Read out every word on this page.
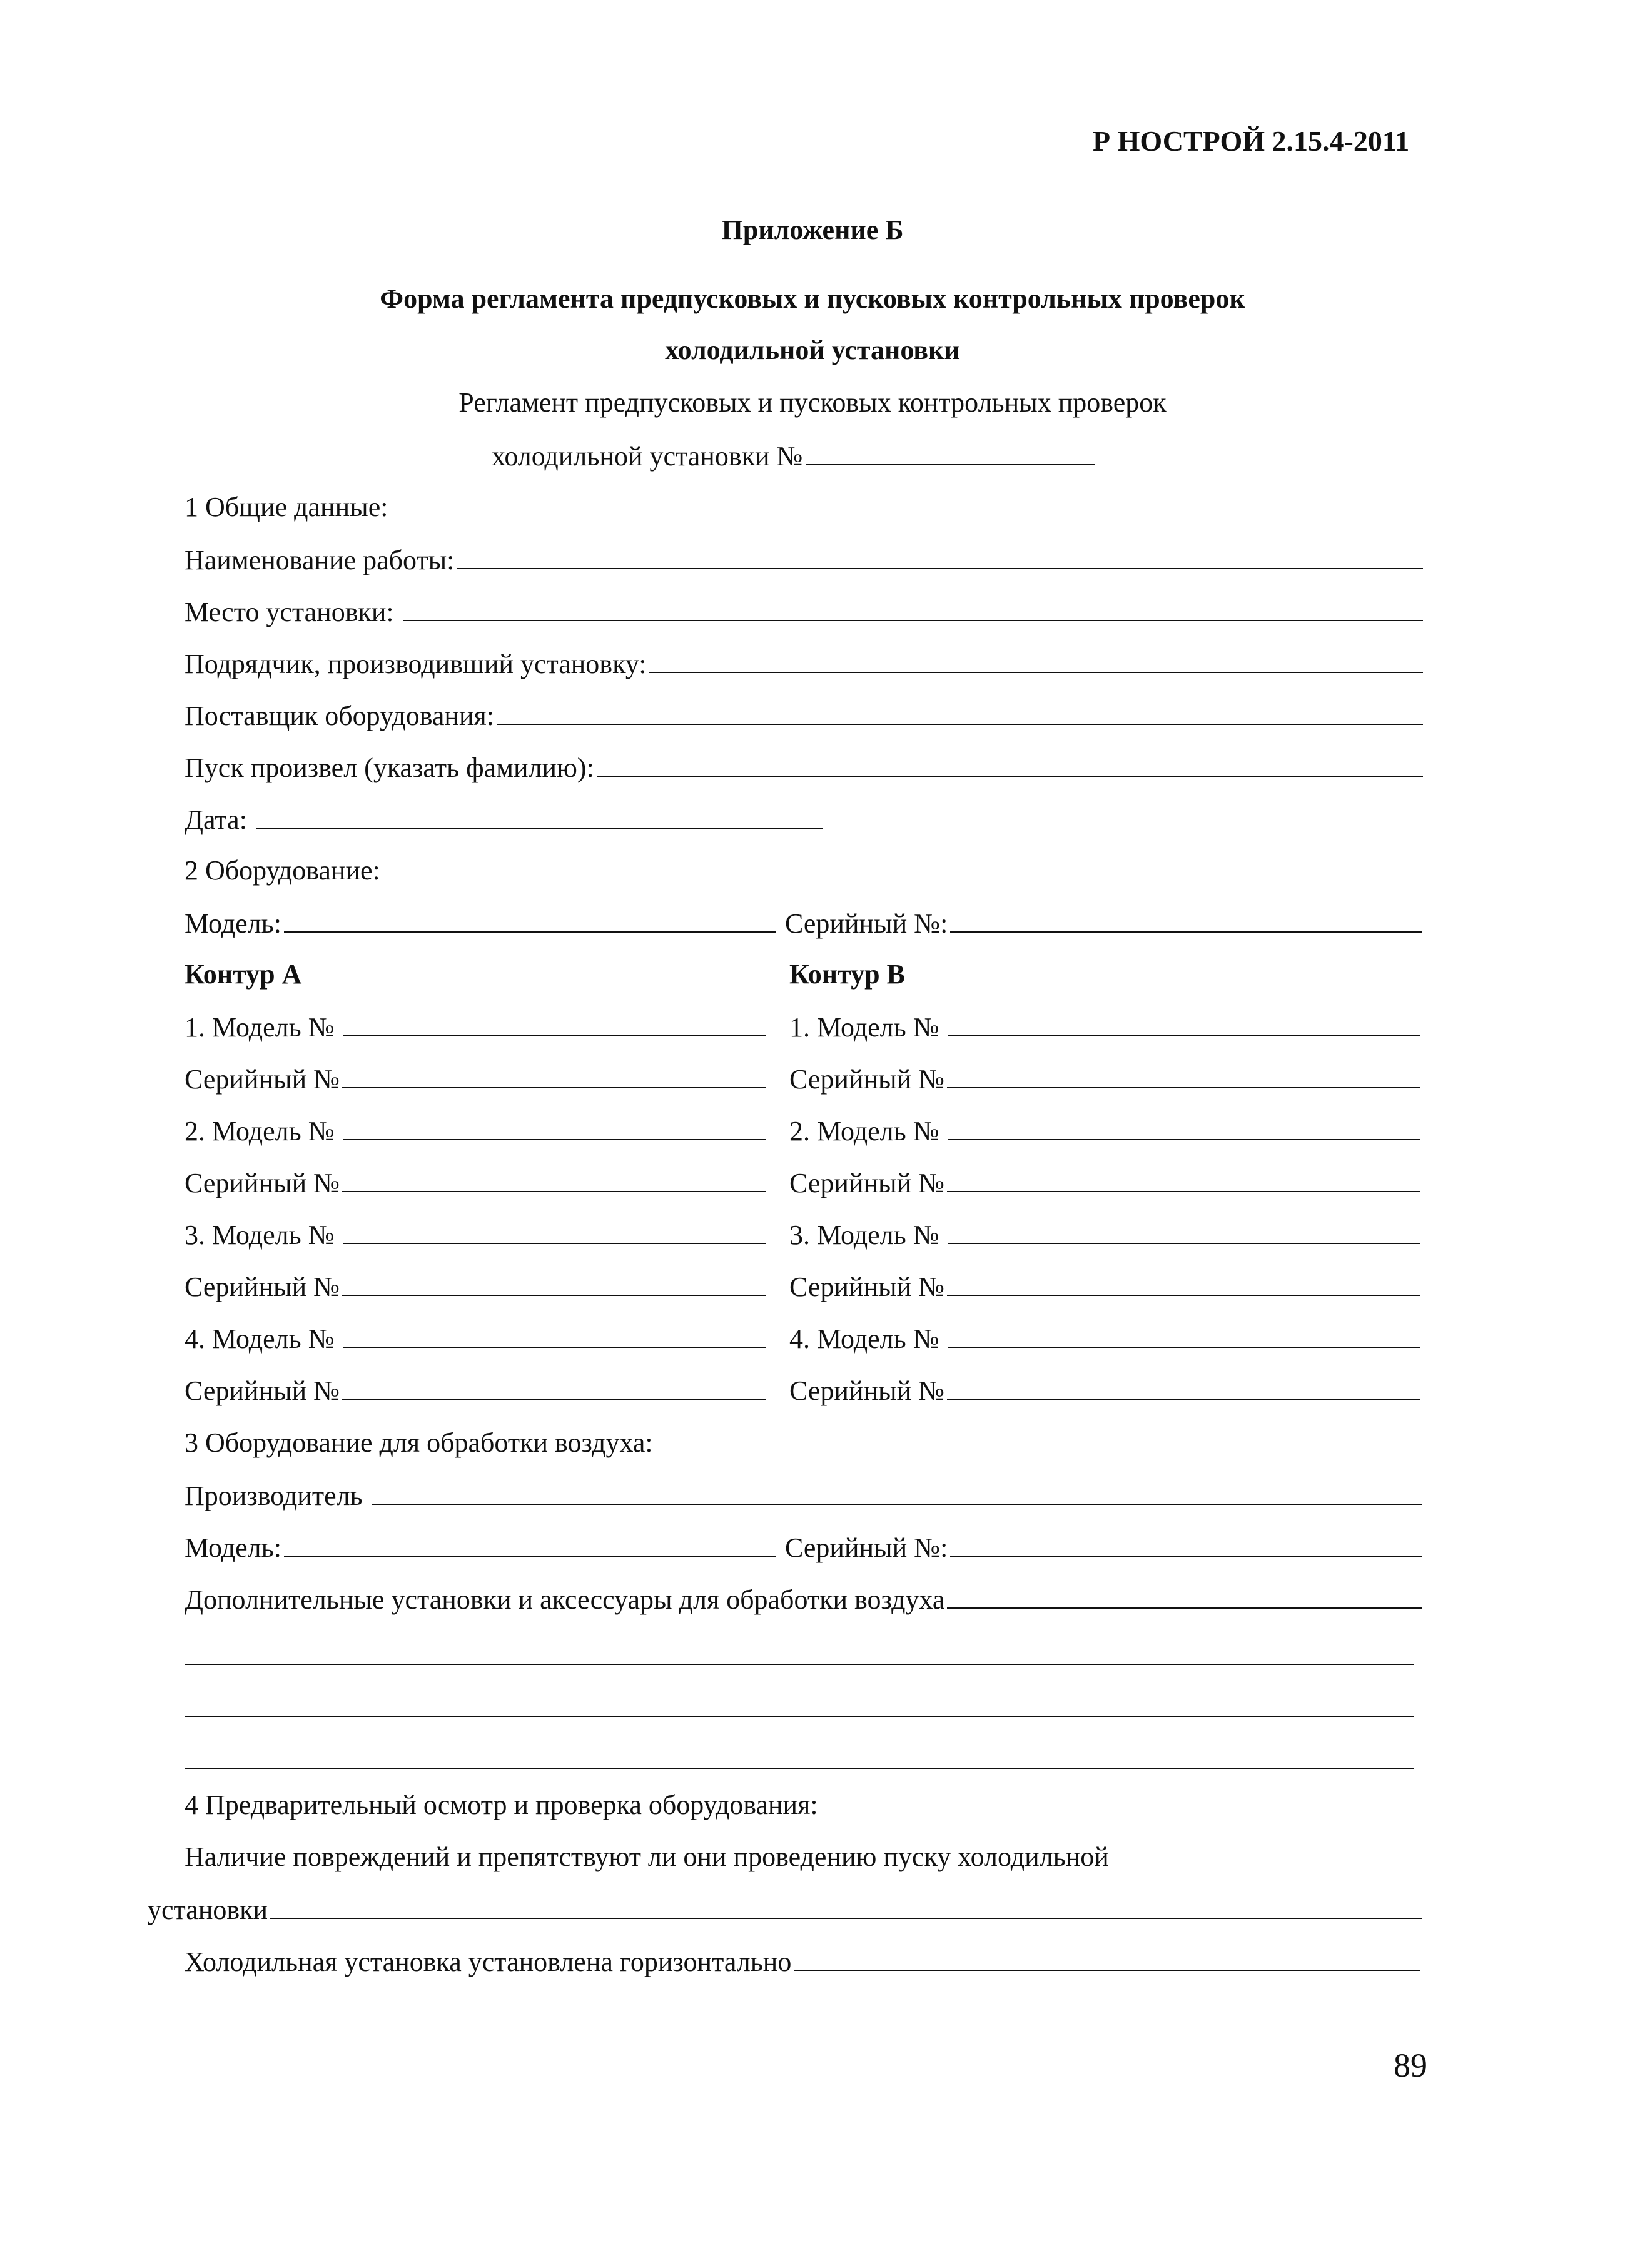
Р НОСТРОЙ 2.15.4-2011
Приложение Б
Форма регламента предпусковых и пусковых контрольных проверок
холодильной установки
Регламент предпусковых и пусковых контрольных проверок
холодильной установки №
1 Общие данные:
Наименование работы:
Место установки:
Подрядчик, производивший установку:
Поставщик оборудования:
Пуск произвел (указать фамилию):
Дата:
2 Оборудование:
Модель:	Серийный №:
Контур А	Контур В
1. Модель №	1. Модель №
Серийный №	Серийный №
2. Модель №	2. Модель №
Серийный №	Серийный №
3. Модель №	3. Модель №
Серийный №	Серийный №
4. Модель №	4. Модель №
Серийный №	Серийный №
3 Оборудование для обработки воздуха:
Производитель
Модель:	Серийный №:
Дополнительные установки и аксессуары для обработки воздуха
4 Предварительный осмотр и проверка оборудования:
Наличие повреждений и препятствуют ли они проведению пуску холодильной
установки
Холодильная установка установлена горизонтально
89
